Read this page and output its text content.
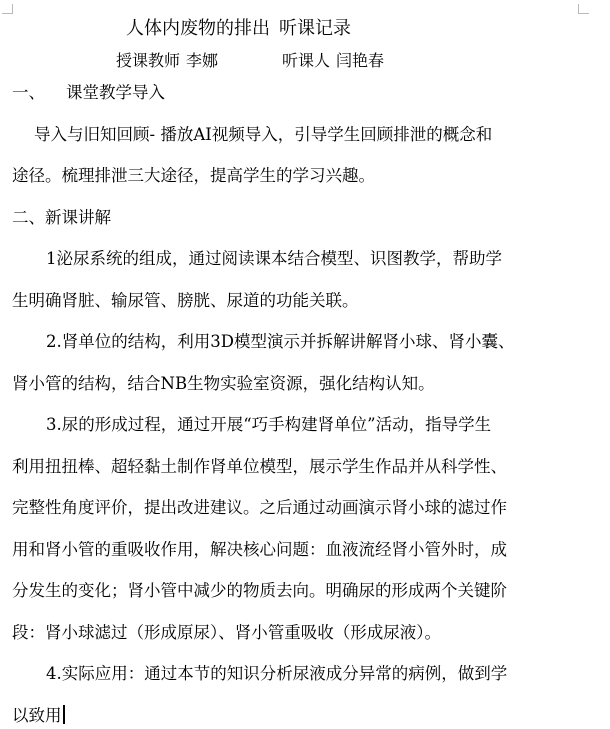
人体内废物的排出 听课记录
授课教师 李娜	听课人 闫艳春
一、    课堂教学导入
导入与旧知回顾- 播放AI视频导入，引导学生回顾排泄的概念和
途径。梳理排泄三大途径，提高学生的学习兴趣。
二、新课讲解
1泌尿系统的组成，通过阅读课本结合模型、识图教学，帮助学
生明确肾脏、输尿管、膀胱、尿道的功能关联。
2.肾单位的结构，利用3D模型演示并拆解讲解肾小球、肾小囊、
肾小管的结构，结合NB生物实验室资源，强化结构认知。
3.尿的形成过程，通过开展“巧手构建肾单位”活动，指导学生
利用扭扭棒、超轻黏土制作肾单位模型，展示学生作品并从科学性、
完整性角度评价，提出改进建议。之后通过动画演示肾小球的滤过作
用和肾小管的重吸收作用，解决核心问题：血液流经肾小管外时，成
分发生的变化；肾小管中减少的物质去向。明确尿的形成两个关键阶
段：肾小球滤过（形成原尿）、肾小管重吸收（形成尿液）。
4.实际应用：通过本节的知识分析尿液成分异常的病例，做到学
以致用
